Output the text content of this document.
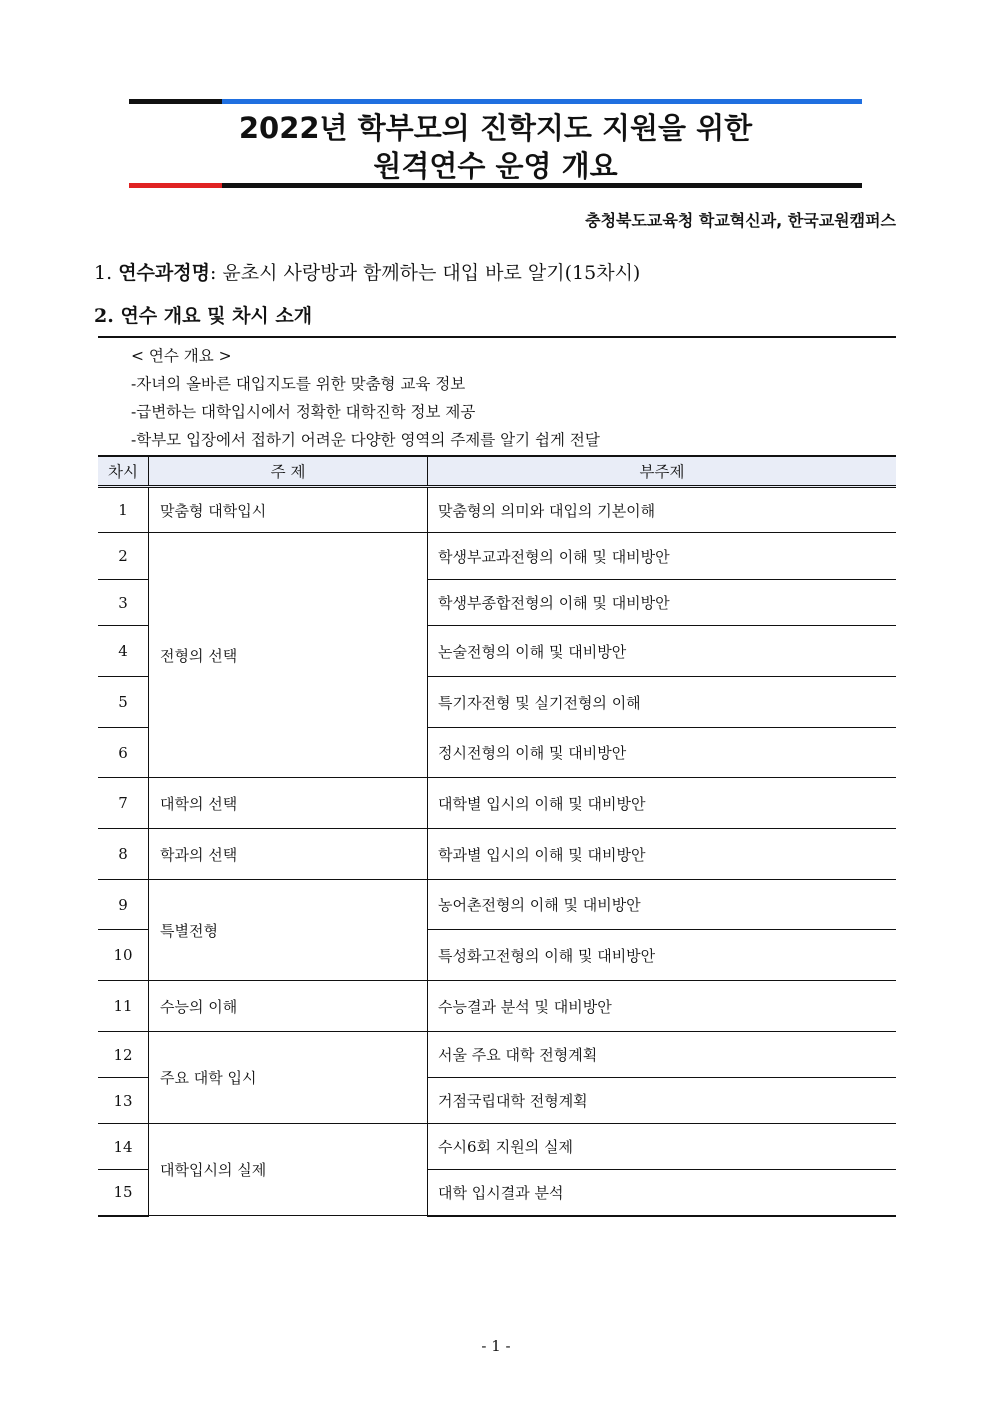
2022년 학부모의 진학지도 지원을 위한
원격연수 운영 개요
충청북도교육청 학교혁신과, 한국교원캠퍼스
1. 연수과정명: 윤초시 사랑방과 함께하는 대입 바로 알기(15차시)
2. 연수 개요 및 차시 소개
< 연수 개요 >
-자녀의 올바른 대입지도를 위한 맞춤형 교육 정보
-급변하는 대학입시에서 정확한 대학진학 정보 제공
-학부모 입장에서 접하기 어려운 다양한 영역의 주제를 알기 쉽게 전달
차시	주 제	부주제
1	맞춤형 대학입시	맞춤형의 의미와 대입의 기본이해
2	전형의 선택	학생부교과전형의 이해 및 대비방안
3		학생부종합전형의 이해 및 대비방안
4		논술전형의 이해 및 대비방안
5		특기자전형 및 실기전형의 이해
6		정시전형의 이해 및 대비방안
7	대학의 선택	대학별 입시의 이해 및 대비방안
8	학과의 선택	학과별 입시의 이해 및 대비방안
9	특별전형	농어촌전형의 이해 및 대비방안
10		특성화고전형의 이해 및 대비방안
11	수능의 이해	수능결과 분석 및 대비방안
12	주요 대학 입시	서울 주요 대학 전형계획
13		거점국립대학 전형계획
14	대학입시의 실제	수시6회 지원의 실제
15		대학 입시결과 분석
- 1 -
